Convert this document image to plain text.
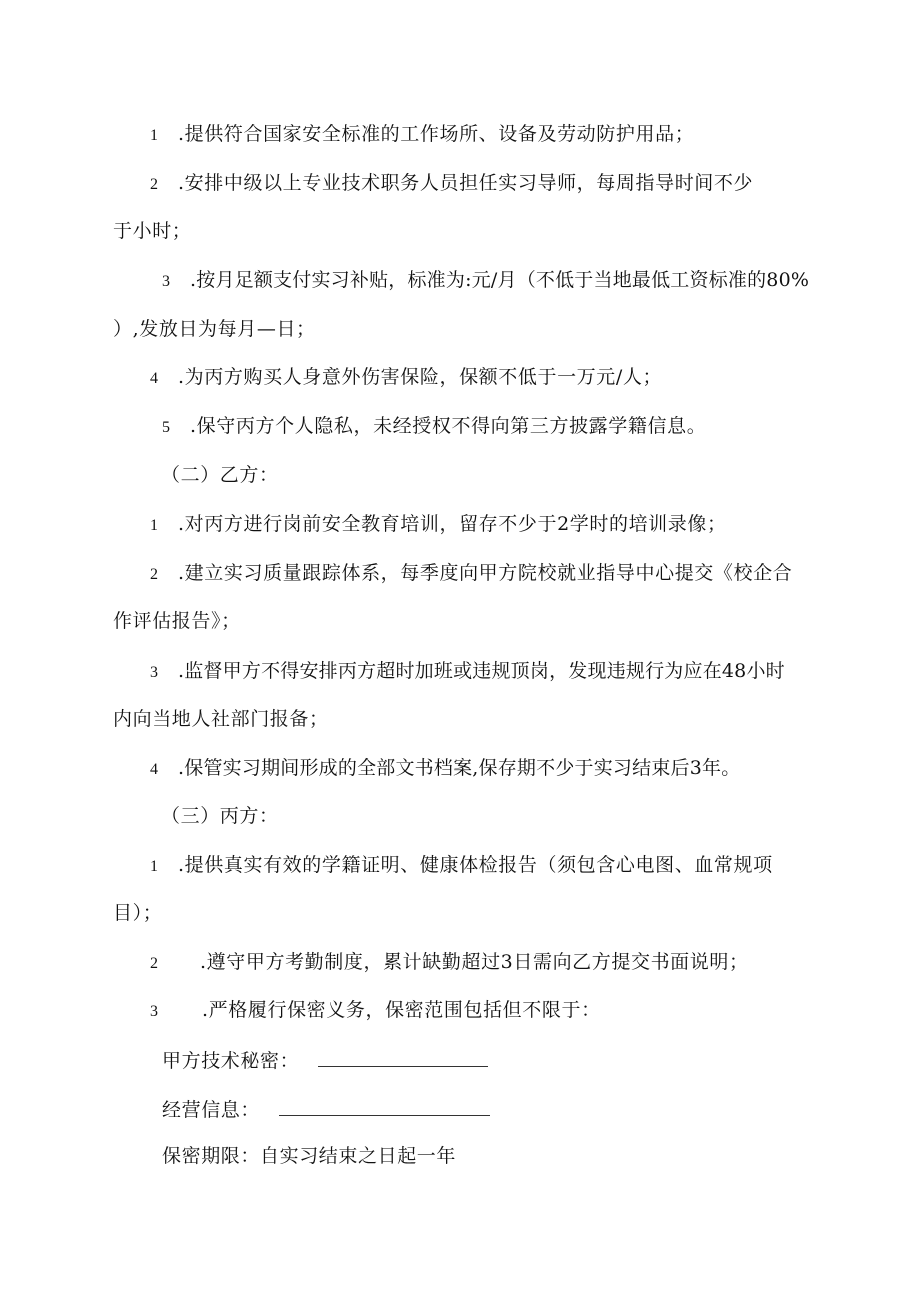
1 .提供符合国家安全标准的工作场所、设备及劳动防护用品；
2 .安排中级以上专业技术职务人员担任实习导师，每周指导时间不少
于小时；
3 .按月足额支付实习补贴，标准为:元/月（不低于当地最低工资标准的80%
）,发放日为每月—日；
4 .为丙方购买人身意外伤害保险，保额不低于一万元/人；
5 .保守丙方个人隐私，未经授权不得向第三方披露学籍信息。
（二）乙方：
1 .对丙方进行岗前安全教育培训，留存不少于2学时的培训录像；
2 .建立实习质量跟踪体系，每季度向甲方院校就业指导中心提交《校企合
作评估报告》；
3 .监督甲方不得安排丙方超时加班或违规顶岗，发现违规行为应在48小时
内向当地人社部门报备；
4 .保管实习期间形成的全部文书档案,保存期不少于实习结束后3年。
（三）丙方：
1 .提供真实有效的学籍证明、健康体检报告（须包含心电图、血常规项
目）；
2 .遵守甲方考勤制度，累计缺勤超过3日需向乙方提交书面说明；
3 .严格履行保密义务，保密范围包括但不限于：
甲方技术秘密：
经营信息：
保密期限：自实习结束之日起一年
